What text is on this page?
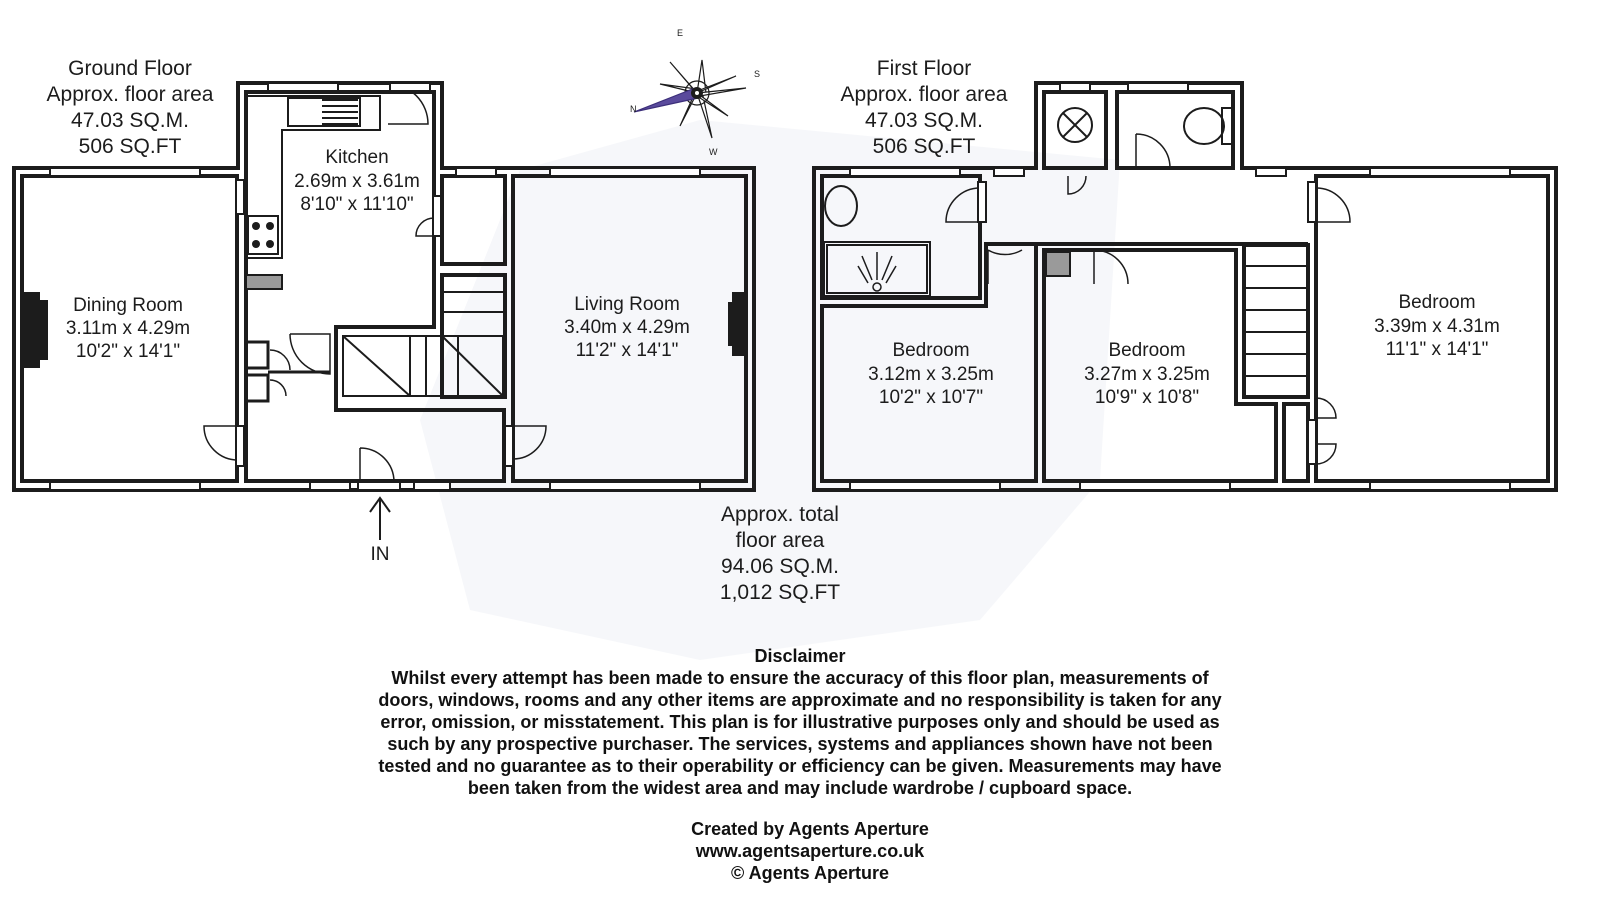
N
E
S
W
Kitchen
2.69m x 3.61m
8'10" x 11'10"
Dining Room
3.11m x 4.29m
10'2" x 14'1"
Living Room
3.40m x 4.29m
11'2" x 14'1"	Bedroom
3.12m x 3.25m
10'2" x 10'7"
Bedroom
3.27m x 3.25m
10'9" x 10'8"
Bedroom
3.39m x 4.31m
11'1" x 14'1"
IN
Ground Floor
Approx. floor area
47.03 SQ.M.
506 SQ.FT
First Floor
Approx. floor area
47.03 SQ.M.
506 SQ.FT
Approx. total
floor area
94.06 SQ.M.
1,012 SQ.FT
Disclaimer
Whilst every attempt has been made to ensure the accuracy of this floor plan, measurements of
doors, windows, rooms and any other items are approximate and no responsibility is taken for any
error, omission, or misstatement. This plan is for illustrative purposes only and should be used as
such by any prospective purchaser. The services, systems and appliances shown have not been
tested and no guarantee as to their operability or efficiency can be given. Measurements may have
been taken from the widest area and may include wardrobe / cupboard space.
Created by Agents Aperture
www.agentsaperture.co.uk
© Agents Aperture
